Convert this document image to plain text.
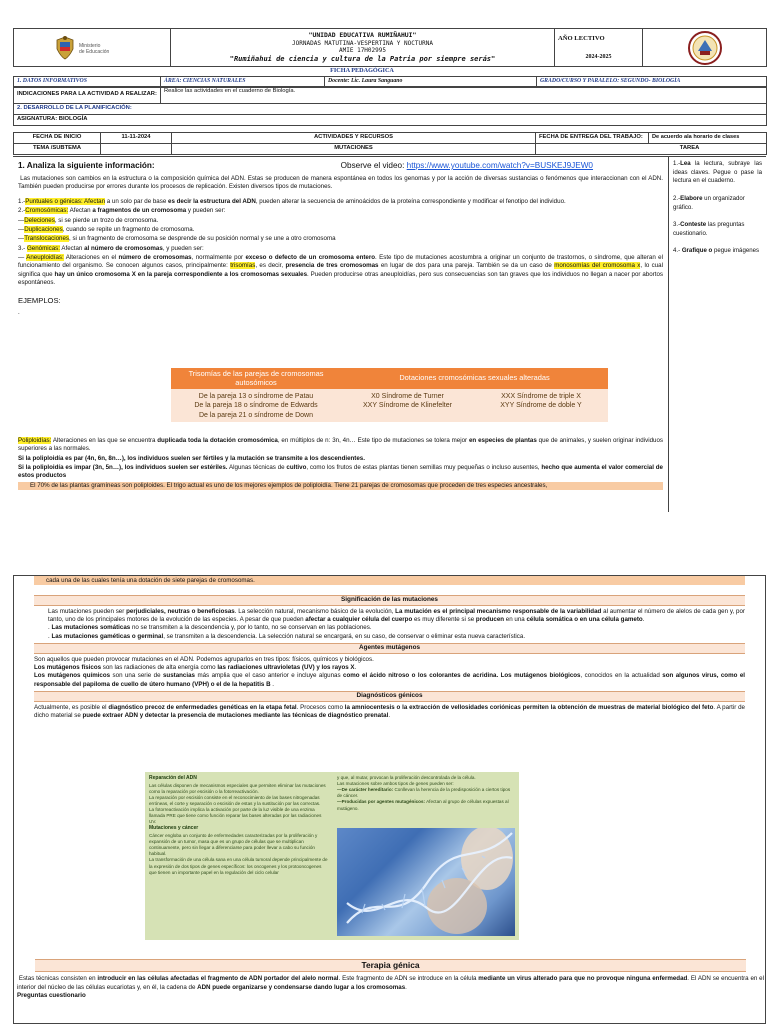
Ministerio
de Educación

"UNIDAD EDUCATIVA RUMIÑAHUI"
JORNADAS MATUTINA-VESPERTINA Y NOCTURNA
AMIE 17H02995
"Rumiñahui de ciencia y cultura de la Patria por siempre serás"

AÑO LECTIVO
2024-2025

FICHA PEDAGÓGICA
1. DATOS INFORMATIVOS	ÁREA: CIENCIAS NATURALES	Docente: Lic. Laura Sanguano	GRADO/CURSO Y PARALELO: SEGUNDO- BIOLOGÍA
INDICACIONES PARA LA ACTIVIDAD A REALIZAR:	Realice las actividades en el cuaderno de Biología.
2. DESARROLLO DE LA PLANIFICACIÓN:
ASIGNATURA: BIOLOGÍA
FECHA DE INICIO	11-11-2024	ACTIVIDADES Y RECURSOS	FECHA DE ENTREGA DEL TRABAJO:	De acuerdo ala horario de clases
TEMA /SUBTEMA		MUTACIONES	TAREA	
1. Analiza la siguiente información:	Observe el video: https://www.youtube.com/watch?v=BUSKEJ9JEW0

Las mutaciones son cambios en la estructura o la composición química del ADN. Estas se producen de manera espontánea en todos los genomas y por la acción de diversas sustancias o fenómenos que interaccionan con el ADN. También pueden producirse por errores durante los procesos de replicación. Existen diversos tipos de mutaciones.

1.-Puntuales o génicas: Afectan a un solo par de base es decir la estructura del ADN, pueden alterar la secuencia de aminoácidos de la proteína correspondiente y modificar el fenotipo del individuo.

2.-Cromosómicas: Afectan a fragmentos de un cromosoma y pueden ser:

—Deleciones, si se pierde un trozo de cromosoma.

—Duplicaciones, cuando se repite un fragmento de cromosoma.

—Translocaciones, si un fragmento de cromosoma se desprende de su posición normal y se une a otro cromosoma

3.- Genómicas: Afectan al número de cromosomas, y pueden ser:

— Aneuploidías: Alteraciones en el número de cromosomas, normalmente por exceso o defecto de un cromosoma entero. Este tipo de mutaciones acostumbra a originar un conjunto de trastornos, o síndrome, que alteran el funcionamiento del organismo. Se conocen algunos casos, principalmente: trisomías, es decir, presencia de tres cromosomas en lugar de dos para una pareja. También se da un caso de monosomías del cromosoma x, lo cual significa que hay un único cromosoma X en la pareja correspondiente a los cromosomas sexuales. Pueden producirse otras aneuploidías, pero sus consecuencias son tan graves que los individuos no llegan a nacer por abortos espontáneos.

EJEMPLOS:
.
Trisomías de las parejas de cromosomas autosómicos	Dotaciones cromosómicas sexuales alteradas	
De la pareja 13 o síndrome de Patau	X0 Síndrome de Turner	XXX Síndrome de triple X
De la pareja 18 o síndrome de Edwards	XXY Síndrome de Klinefelter	XYY Síndrome de doble Y
De la pareja 21 o síndrome de Down		

Poliploidías: Alteraciones en las que se encuentra duplicada toda la dotación cromosómica, en múltiplos de n: 3n, 4n… Este tipo de mutaciones se tolera mejor en especies de plantas que de animales, y suelen originar individuos superiores a las normales.

Si la poliploidía es par (4n, 6n, 8n…), los individuos suelen ser fértiles y la mutación se transmite a los descendientes.

Si la poliploidía es impar (3n, 5n…), los individuos suelen ser estériles. Algunas técnicas de cultivo, como los frutos de estas plantas tienen semillas muy pequeñas o incluso ausentes, hecho que aumenta el valor comercial de estos productos

El 70% de las plantas gramíneas son poliploides. El trigo actual es uno de los mejores ejemplos de poliploidía. Tiene 21 parejas de cromosomas que proceden de tres especies ancestrales,

1.-Lea la lectura, subraye las ideas claves. Pegue o pase la lectura en el cuaderno.

2.-Elabore un organizador gráfico.

3.-Conteste las preguntas cuestionario.

4.- Grafique o pegue imágenes

cada una de las cuales tenía una dotación de siete parejas de cromosomas.
Significación de las mutaciones

Las mutaciones pueden ser perjudiciales, neutras o beneficiosas. La selección natural, mecanismo básico de la evolución, La mutación es el principal mecanismo responsable de la variabilidad al aumentar el número de alelos de cada gen y, por tanto, uno de los principales motores de la evolución de las especies. A pesar de que pueden afectar a cualquier célula del cuerpo es muy diferente si se producen en una célula somática o en una célula gameto.

. Las mutaciones somáticas no se transmiten a la descendencia y, por lo tanto, no se conservan en las poblaciones.

. Las mutaciones gaméticas o germinal, se transmiten a la descendencia. La selección natural se encargará, en su caso, de conservar o eliminar esta nueva característica.

Agentes mutágenos

Son aquellos que pueden provocar mutaciones en el ADN. Podemos agruparlos en tres tipos: físicos, químicos y biológicos.

Los mutágenos físicos son las radiaciones de alta energía como las radiaciones ultravioletas (UV) y los rayos X.

Los mutágenos químicos son una serie de sustancias más amplia que el caso anterior e incluye algunas como el ácido nitroso o los colorantes de acridina. Los mutágenos biológicos, conocidos en la actualidad son algunos virus, como el responsable del papiloma de cuello de útero humano (VPH) o el de la hepatitis B .

Diagnósticos génicos

Actualmente, es posible el diagnóstico precoz de enfermedades genéticas en la etapa fetal. Procesos como la amniocentesis o la extracción de vellosidades coriónicas permiten la obtención de muestras de material biológico del feto. A partir de dicho material se puede extraer ADN y detectar la presencia de mutaciones mediante las técnicas de diagnóstico prenatal.

Reparación del ADN

Las células disponen de mecanismos especiales que permiten eliminar las mutaciones como la reparación por escisión o la fotorreactivación.

La reparación por escisión consiste en el reconocimiento de las bases nitrogenadas erróneas, el corte y separación o escisión de estas y la sustitución por las correctas.

La fotorreactivación implica la activación por parte de la luz visible de una enzima llamada PRE que tiene como función reparar las bases alteradas por las radiaciones UV.

Mutaciones y cáncer

Cáncer engloba un conjunto de enfermedades caracterizadas por la proliferación y expansión de un tumor, masa que es un grupo de células que se multiplican continuamente, pero sin llegar a diferenciarse para poder llevar a cabo su función habitual.

La transformación de una célula sana en una célula tumoral depende principalmente de la expresión de dos tipos de genes específicos: los oncogenes y los protooncogenes que tienen un importante papel en la regulación del ciclo celular

y que, al mutar, provocan la proliferación descontrolada de la célula.

Las mutaciones sobre ambos tipos de genes pueden ser:

—De carácter hereditario: Conllevan la herencia de la predisposición a ciertos tipos de cáncer.

—Producidas por agentes mutagénicos: Afectan al grupo de células expuestas al mutágeno.

Terapia génica

Estas técnicas consisten en introducir en las células afectadas el fragmento de ADN portador del alelo normal. Este fragmento de ADN se introduce en la célula mediante un virus alterado para que no provoque ninguna enfermedad. El ADN se encuentra en el interior del núcleo de las células eucariotas y, en él, la cadena de ADN puede organizarse y condensarse dando lugar a los cromosomas.

Preguntas cuestionario
